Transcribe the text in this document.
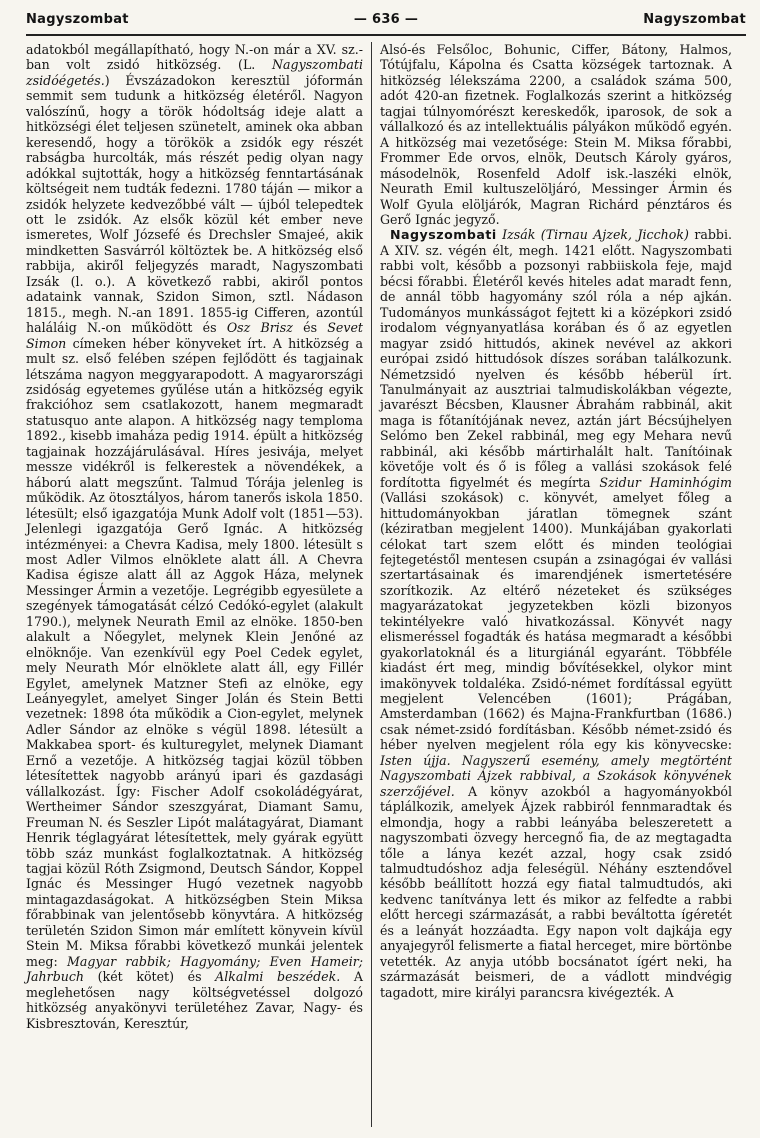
Nagyszombat	— 636 —	Nagyszombat

adatokból megállapítható, hogy N.-on már a XV. sz.-ban volt zsidó hitközség. (L. Nagyszombati zsidóégetés.) Évszázadokon keresztül jóformán semmit sem tudunk a hitközség életéről. Nagyon valószínű, hogy a török hódoltság ideje alatt a hitközségi élet teljesen szünetelt, aminek oka abban keresendő, hogy a törökök a zsidók egy részét rabságba hurcolták, más részét pedig olyan nagy adókkal sujtották, hogy a hitközség fenntartásának költségeit nem tudták fedezni. 1780 táján — mikor a zsidók helyzete kedvezőbbé vált — újból telepedtek ott le zsidók. Az elsők közül két ember neve ismeretes, Wolf Józsefé és Drechsler Smajeé, akik mindketten Sasvárról költöztek be. A hitközség első rabbija, akiről feljegyzés maradt, Nagyszombati Izsák (l. o.). A következő rabbi, akiről pontos adataink vannak, Szidon Simon, sztl. Nádason 1815., megh. N.-an 1891. 1855-ig Cifferen, azontúl haláláig N.-on működött és Osz Brisz és Sevet Simon címeken héber könyveket írt. A hitközség a mult sz. első felében szépen fejlődött és tagjainak létszáma nagyon meggyarapodott. A magyarországi zsidóság egyetemes gyűlése után a hitközség egyik frakcióhoz sem csatlakozott, hanem megmaradt statusquo ante alapon. A hitközség nagy temploma 1892., kisebb imaháza pedig 1914. épült a hitközség tagjainak hozzájárulásával. Híres jesivája, melyet messze vidékről is felkerestek a növendékek, a háború alatt megszűnt. Talmud Tórája jelenleg is működik. Az ötosztályos, három tanerős iskola 1850. létesült; első igazgatója Munk Adolf volt (1851—53). Jelenlegi igazgatója Gerő Ignác. A hitközség intézményei: a Chevra Kadisa, mely 1800. létesült s most Adler Vilmos elnöklete alatt áll. A Chevra Kadisa égisze alatt áll az Aggok Háza, melynek Messinger Ármin a vezetője. Legrégibb egyesülete a szegények támogatását célzó Cedókó-egylet (alakult 1790.), melynek Neurath Emil az elnöke. 1850-ben alakult a Nőegylet, melynek Klein Jenőné az elnöknője. Van ezenkívül egy Poel Cedek egylet, mely Neurath Mór elnöklete alatt áll, egy Fillér Egylet, amelynek Matzner Stefi az elnöke, egy Leányegylet, amelyet Singer Jolán és Stein Betti vezetnek: 1898 óta működik a Cion-egylet, melynek Adler Sándor az elnöke s végül 1898. létesült a Makkabea sport- és kulturegylet, melynek Diamant Ernő a vezetője. A hitközség tagjai közül többen létesítettek nagyobb arányú ipari és gazdasági vállalkozást. Így: Fischer Adolf csokoládégyárat, Wertheimer Sándor szeszgyárat, Diamant Samu, Freuman N. és Seszler Lipót malátagyárat, Diamant Henrik téglagyárat létesítettek, mely gyárak együtt több száz munkást foglalkoztatnak. A hitközség tagjai közül Róth Zsigmond, Deutsch Sándor, Koppel Ignác és Messinger Hugó vezetnek nagyobb mintagazdaságokat. A hitközségben Stein Miksa főrabbinak van jelentősebb könyvtára. A hitközség területén Szidon Simon már említett könyvein kívül Stein M. Miksa főrabbi következő munkái jelentek meg: Magyar rabbik; Hagyomány; Even Hameir; Jahrbuch (két kötet) és Alkalmi beszédek. A meglehetősen nagy költségvetéssel dolgozó hitközség anyakönyvi területéhez Zavar, Nagy- és Kisbresztován, Keresztúr,

Alsó-és Felsőloc, Bohunic, Ciffer, Bátony, Halmos, Tótújfalu, Kápolna és Csatta községek tartoznak. A hitközség lélekszáma 2200, a családok száma 500, adót 420-an fizetnek. Foglalkozás szerint a hitközség tagjai túlnyomórészt kereskedők, iparosok, de sok a vállalkozó és az intellektuális pályákon működő egyén. A hitközség mai vezetősége: Stein M. Miksa főrabbi, Frommer Ede orvos, elnök, Deutsch Károly gyáros, másodelnök, Rosenfeld Adolf isk.-laszéki elnök, Neurath Emil kultuszelöljáró, Messinger Ármin és Wolf Gyula elöljárók, Magran Richárd pénztáros és Gerő Ignác jegyző.

Nagyszombati Izsák (Tirnau Ajzek, Jicchok) rabbi. A XIV. sz. végén élt, megh. 1421 előtt. Nagyszombati rabbi volt, később a pozsonyi rabbiiskola feje, majd bécsi főrabbi. Életéről kevés hiteles adat maradt fenn, de annál több hagyomány szól róla a nép ajkán. Tudományos munkásságot fejtett ki a középkori zsidó irodalom végnyanyatlása korában és ő az egyetlen magyar zsidó hittudós, akinek nevével az akkori európai zsidó hittudósok díszes sorában találkozunk. Németzsidó nyelven és később héberül írt. Tanulmányait az ausztriai talmudiskolákban végezte, javarészt Bécsben, Klausner Ábrahám rabbinál, akit maga is főtanítójának nevez, aztán járt Bécsújhelyen Selómo ben Zekel rabbinál, meg egy Mehara nevű rabbinál, aki később mártirhalált halt. Tanítóinak követője volt és ő is főleg a vallási szokások felé fordította figyelmét és megírta Szidur Haminhógim (Vallási szokások) c. könyvét, amelyet főleg a hittudományokban járatlan tömegnek szánt (kéziratban megjelent 1400). Munkájában gyakorlati célokat tart szem előtt és minden teológiai fejtegetéstől mentesen csupán a zsinagógai év vallási szertartásainak és imarendjének ismertetésére szorítkozik. Az eltérő nézeteket és szükséges magyarázatokat jegyzetekben közli bizonyos tekintélyekre való hivatkozással. Könyvét nagy elismeréssel fogadták és hatása megmaradt a későbbi gyakorlatoknál és a liturgiánál egyaránt. Többféle kiadást ért meg, mindig bővítésekkel, olykor mint imakönyvek toldaléka. Zsidó-német fordítással együtt megjelent Velencében (1601); Prágában, Amsterdamban (1662) és Majna-Frankfurtban (1686.) csak német-zsidó fordításban. Később német-zsidó és héber nyelven megjelent róla egy kis könyvecske: Isten újja. Nagyszerű esemény, amely megtörtént Nagyszombati Ájzek rabbival, a Szokások könyvének szerzőjével. A könyv azokból a hagyományokból táplálkozik, amelyek Ájzek rabbiról fennmaradtak és elmondja, hogy a rabbi leányába beleszeretett a nagyszombati özvegy hercegnő fia, de az megtagadta tőle a lánya kezét azzal, hogy csak zsidó talmudtudóshoz adja feleségül. Néhány esztendővel később beállított hozzá egy fiatal talmudtudós, aki kedvenc tanítványa lett és mikor az felfedte a rabbi előtt hercegi származását, a rabbi beváltotta ígéretét és a leányát hozzáadta. Egy napon volt dajkája egy anyajegyről felismerte a fiatal herceget, mire börtönbe vetették. Az anyja utóbb bocsánatot ígért neki, ha származását beismeri, de a vádlott mindvégig tagadott, mire királyi parancsra kivégezték. A
